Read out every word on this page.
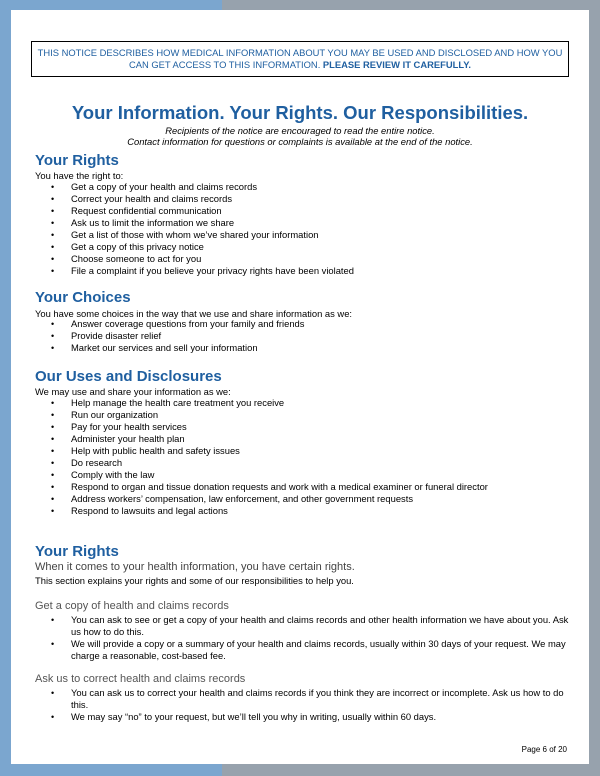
THIS NOTICE DESCRIBES HOW MEDICAL INFORMATION ABOUT YOU MAY BE USED AND DISCLOSED AND HOW YOU CAN GET ACCESS TO THIS INFORMATION. PLEASE REVIEW IT CAREFULLY.
Your Information. Your Rights. Our Responsibilities.
Recipients of the notice are encouraged to read the entire notice.
Contact information for questions or complaints is available at the end of the notice.
Your Rights
You have the right to:
• Get a copy of your health and claims records
• Correct your health and claims records
• Request confidential communication
• Ask us to limit the information we share
• Get a list of those with whom we’ve shared your information
• Get a copy of this privacy notice
• Choose someone to act for you
• File a complaint if you believe your privacy rights have been violated
Your Choices
You have some choices in the way that we use and share information as we:
• Answer coverage questions from your family and friends
• Provide disaster relief
• Market our services and sell your information
Our Uses and Disclosures
We may use and share your information as we:
• Help manage the health care treatment you receive
• Run our organization
• Pay for your health services
• Administer your health plan
• Help with public health and safety issues
• Do research
• Comply with the law
• Respond to organ and tissue donation requests and work with a medical examiner or funeral director
• Address workers’ compensation, law enforcement, and other government requests
• Respond to lawsuits and legal actions
Your Rights
When it comes to your health information, you have certain rights.
This section explains your rights and some of our responsibilities to help you.
Get a copy of health and claims records
• You can ask to see or get a copy of your health and claims records and other health information we have about you. Ask us how to do this.
• We will provide a copy or a summary of your health and claims records, usually within 30 days of your request. We may charge a reasonable, cost-based fee.
Ask us to correct health and claims records
• You can ask us to correct your health and claims records if you think they are incorrect or incomplete. Ask us how to do this.
• We may say “no” to your request, but we’ll tell you why in writing, usually within 60 days.
Page 6 of 20
